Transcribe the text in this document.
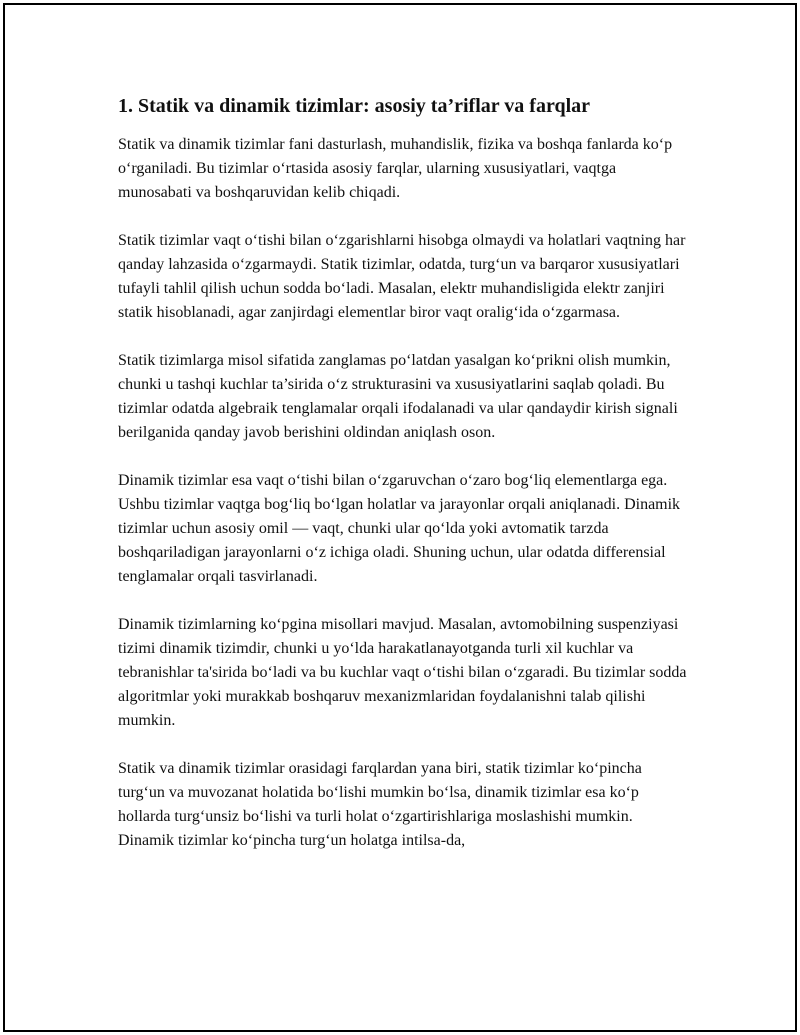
1. Statik va dinamik tizimlar: asosiy ta’riflar va farqlar

Statik va dinamik tizimlar fani dasturlash, muhandislik, fizika va boshqa fanlarda ko‘p o‘rganiladi. Bu tizimlar o‘rtasida asosiy farqlar, ularning xususiyatlari, vaqtga munosabati va boshqaruvidan kelib chiqadi.

Statik tizimlar vaqt o‘tishi bilan o‘zgarishlarni hisobga olmaydi va holatlari vaqtning har qanday lahzasida o‘zgarmaydi. Statik tizimlar, odatda, turg‘un va barqaror xususiyatlari tufayli tahlil qilish uchun sodda bo‘ladi. Masalan, elektr muhandisligida elektr zanjiri statik hisoblanadi, agar zanjirdagi elementlar biror vaqt oralig‘ida o‘zgarmasa.

Statik tizimlarga misol sifatida zanglamas po‘latdan yasalgan ko‘prikni olish mumkin, chunki u tashqi kuchlar ta’sirida o‘z strukturasini va xususiyatlarini saqlab qoladi. Bu tizimlar odatda algebraik tenglamalar orqali ifodalanadi va ular qandaydir kirish signali berilganida qanday javob berishini oldindan aniqlash oson.

Dinamik tizimlar esa vaqt o‘tishi bilan o‘zgaruvchan o‘zaro bog‘liq elementlarga ega. Ushbu tizimlar vaqtga bog‘liq bo‘lgan holatlar va jarayonlar orqali aniqlanadi. Dinamik tizimlar uchun asosiy omil — vaqt, chunki ular qo‘lda yoki avtomatik tarzda boshqariladigan jarayonlarni o‘z ichiga oladi. Shuning uchun, ular odatda differensial tenglamalar orqali tasvirlanadi.

Dinamik tizimlarning ko‘pgina misollari mavjud. Masalan, avtomobilning suspenziyasi tizimi dinamik tizimdir, chunki u yo‘lda harakatlanayotganda turli xil kuchlar va tebranishlar ta'sirida bo‘ladi va bu kuchlar vaqt o‘tishi bilan o‘zgaradi. Bu tizimlar sodda algoritmlar yoki murakkab boshqaruv mexanizmlaridan foydalanishni talab qilishi mumkin.

Statik va dinamik tizimlar orasidagi farqlardan yana biri, statik tizimlar ko‘pincha turg‘un va muvozanat holatida bo‘lishi mumkin bo‘lsa, dinamik tizimlar esa ko‘p hollarda turg‘unsiz bo‘lishi va turli holat o‘zgartirishlariga moslashishi mumkin. Dinamik tizimlar ko‘pincha turg‘un holatga intilsa-da,
